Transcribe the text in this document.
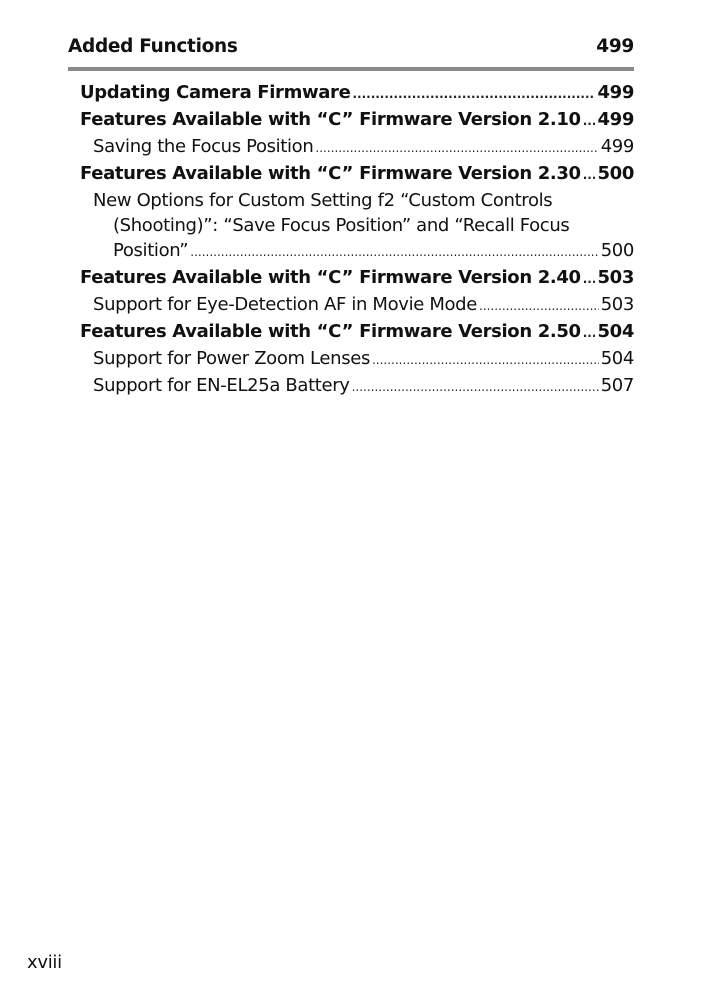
Added Functions	499
Updating Camera Firmware .....	499
Features Available with “C” Firmware Version 2.10 ..... 499
Saving the Focus Position .....	499
Features Available with “C” Firmware Version 2.30 ..... 500
New Options for Custom Setting f2 “Custom Controls
(Shooting)”: “Save Focus Position” and “Recall Focus
Position” .....	500
Features Available with “C” Firmware Version 2.40 ..... 503
Support for Eye-Detection AF in Movie Mode .....	503
Features Available with “C” Firmware Version 2.50 ..... 504
Support for Power Zoom Lenses .....	504
Support for EN-EL25a Battery .....	507
xviii
